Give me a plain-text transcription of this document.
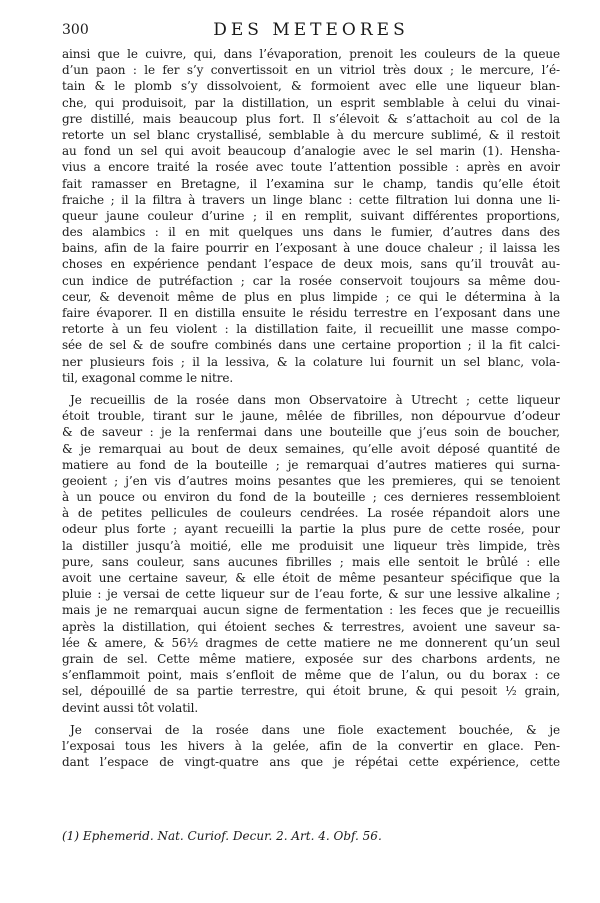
300	DES METEORES
ainsi que le cuivre, qui, dans l’évaporation, prenoit les couleurs de la queue
d’un paon : le fer s’y convertissoit en un vitriol très doux ; le mercure, l’é-
tain & le plomb s’y dissolvoient, & formoient avec elle une liqueur blan-
che, qui produisoit, par la distillation, un esprit semblable à celui du vinai-
gre distillé, mais beaucoup plus fort. Il s’élevoit & s’attachoit au col de la
retorte un sel blanc crystallisé, semblable à du mercure sublimé, & il restoit
au fond un sel qui avoit beaucoup d’analogie avec le sel marin (1). Hensha-
vius a encore traité la rosée avec toute l’attention possible : après en avoir
fait ramasser en Bretagne, il l’examina sur le champ, tandis qu’elle étoit
fraiche ; il la filtra à travers un linge blanc : cette filtration lui donna une li-
queur jaune couleur d’urine ; il en remplit, suivant différentes proportions,
des alambics : il en mit quelques uns dans le fumier, d’autres dans des
bains, afin de la faire pourrir en l’exposant à une douce chaleur ; il laissa les
choses en expérience pendant l’espace de deux mois, sans qu’il trouvât au-
cun indice de putréfaction ; car la rosée conservoit toujours sa même dou-
ceur, & devenoit même de plus en plus limpide ; ce qui le détermina à la
faire évaporer. Il en distilla ensuite le résidu terrestre en l’exposant dans une
retorte à un feu violent : la distillation faite, il recueillit une masse compo-
sée de sel & de soufre combinés dans une certaine proportion ; il la fit calci-
ner plusieurs fois ; il la lessiva, & la colature lui fournit un sel blanc, vola-
til, exagonal comme le nitre.
Je recueillis de la rosée dans mon Observatoire à Utrecht ; cette liqueur
étoit trouble, tirant sur le jaune, mêlée de fibrilles, non dépourvue d’odeur
& de saveur : je la renfermai dans une bouteille que j’eus soin de boucher,
& je remarquai au bout de deux semaines, qu’elle avoit déposé quantité de
matiere au fond de la bouteille ; je remarquai d’autres matieres qui surna-
geoient ; j’en vis d’autres moins pesantes que les premieres, qui se tenoient
à un pouce ou environ du fond de la bouteille ; ces dernieres ressembloient
à de petites pellicules de couleurs cendrées. La rosée répandoit alors une
odeur plus forte ; ayant recueilli la partie la plus pure de cette rosée, pour
la distiller jusqu’à moitié, elle me produisit une liqueur très limpide, très
pure, sans couleur, sans aucunes fibrilles ; mais elle sentoit le brûlé : elle
avoit une certaine saveur, & elle étoit de même pesanteur spécifique que la
pluie : je versai de cette liqueur sur de l’eau forte, & sur une lessive alkaline ;
mais je ne remarquai aucun signe de fermentation : les feces que je recueillis
après la distillation, qui étoient seches & terrestres, avoient une saveur sa-
lée & amere, & 56½ dragmes de cette matiere ne me donnerent qu’un seul
grain de sel. Cette même matiere, exposée sur des charbons ardents, ne
s’enflammoit point, mais s’enfloit de même que de l’alun, ou du borax : ce
sel, dépouillé de sa partie terrestre, qui étoit brune, & qui pesoit ½ grain,
devint aussi tôt volatil.
Je conservai de la rosée dans une fiole exactement bouchée, & je
l’exposai tous les hivers à la gelée, afin de la convertir en glace. Pen-
dant l’espace de vingt-quatre ans que je répétai cette expérience, cette
(1) Ephemerid. Nat. Curiof. Decur. 2. Art. 4. Obf. 56.
